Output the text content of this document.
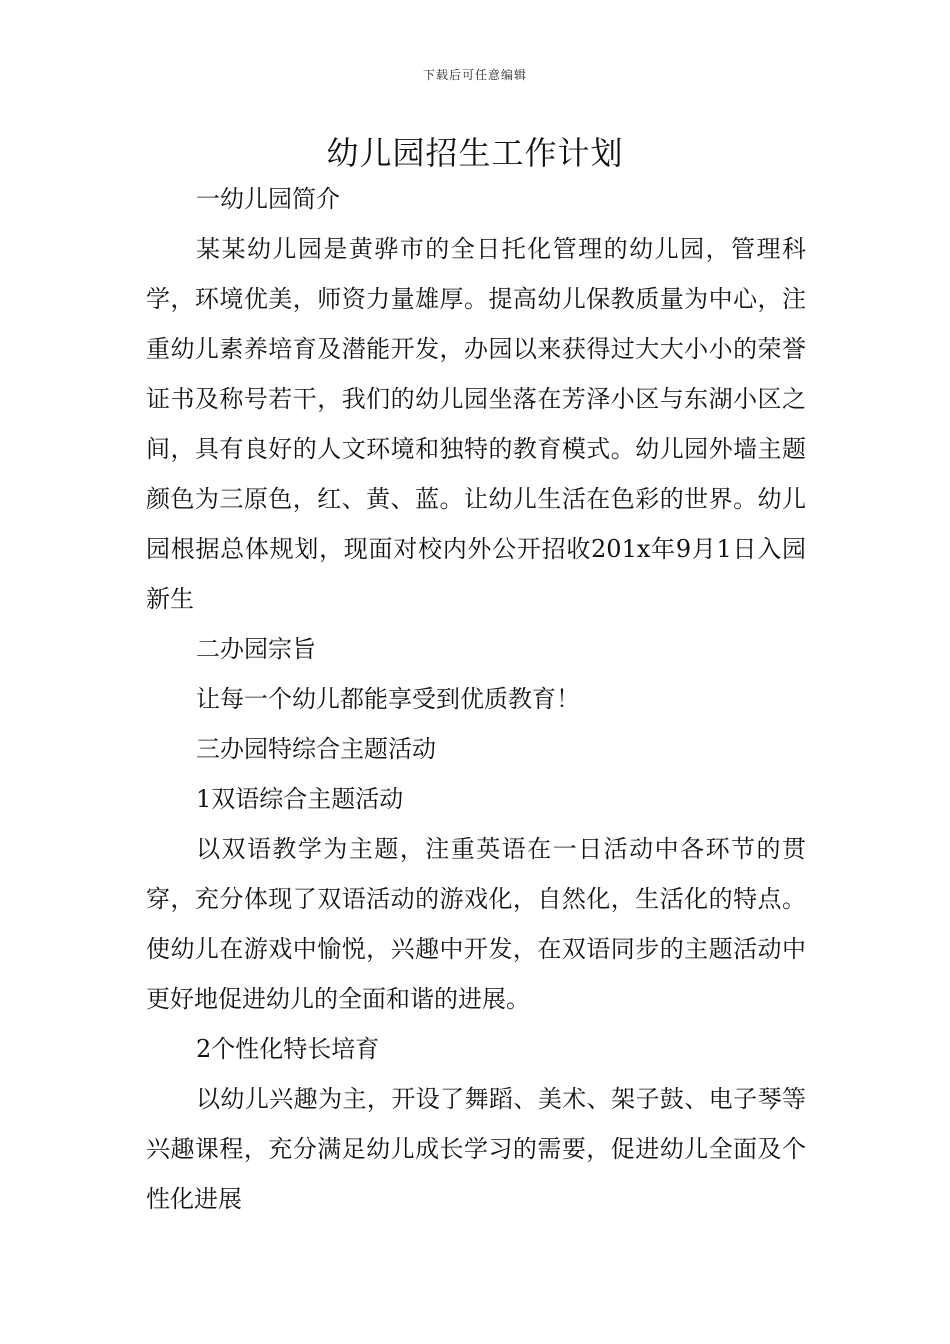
下载后可任意编辑
幼儿园招生工作计划

一幼儿园简介

某某幼儿园是黄骅市的全日托化管理的幼儿园，管理科学，环境优美，师资力量雄厚。提高幼儿保教质量为中心，注重幼儿素养培育及潜能开发，办园以来获得过大大小小的荣誉证书及称号若干，我们的幼儿园坐落在芳泽小区与东湖小区之间，具有良好的人文环境和独特的教育模式。幼儿园外墙主题颜色为三原色，红、黄、蓝。让幼儿生活在色彩的世界。幼儿园根据总体规划，现面对校内外公开招收201x年9月1日入园新生

二办园宗旨

让每一个幼儿都能享受到优质教育！

三办园特综合主题活动

1双语综合主题活动

以双语教学为主题，注重英语在一日活动中各环节的贯穿，充分体现了双语活动的游戏化，自然化，生活化的特点。使幼儿在游戏中愉悦，兴趣中开发，在双语同步的主题活动中更好地促进幼儿的全面和谐的进展。

2个性化特长培育

以幼儿兴趣为主，开设了舞蹈、美术、架子鼓、电子琴等兴趣课程，充分满足幼儿成长学习的需要，促进幼儿全面及个性化进展
